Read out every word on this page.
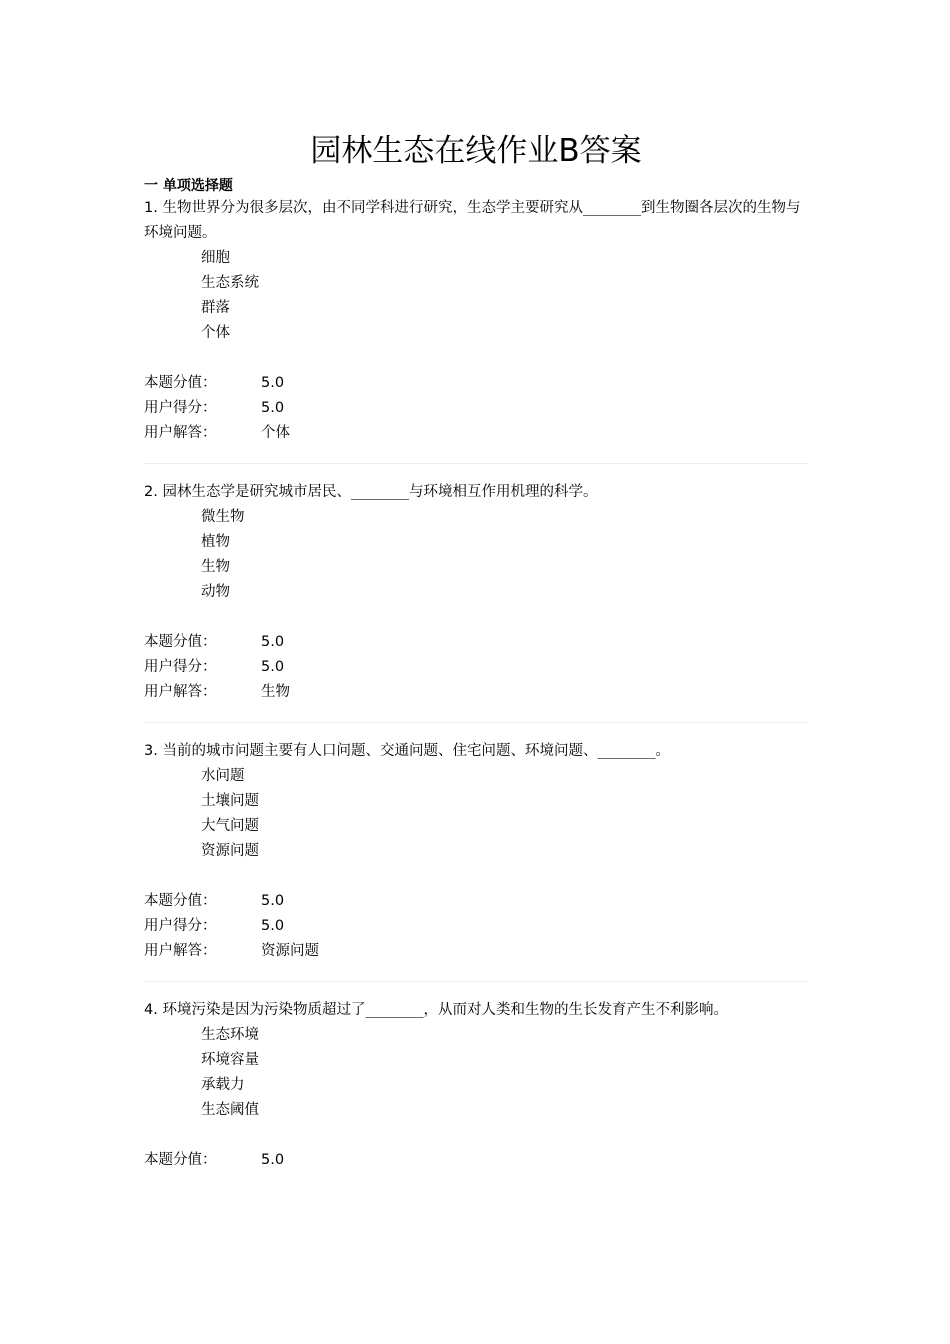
园林生态在线作业B答案
一 单项选择题
1. 生物世界分为很多层次，由不同学科进行研究，生态学主要研究从________到生物圈各层次的生物与环境问题。
细胞
生态系统
群落
个体
本题分值：	5.0
用户得分：	5.0
用户解答：	个体
2. 园林生态学是研究城市居民、________与环境相互作用机理的科学。
微生物
植物
生物
动物
本题分值：	5.0
用户得分：	5.0
用户解答：	生物
3. 当前的城市问题主要有人口问题、交通问题、住宅问题、环境问题、________。
水问题
土壤问题
大气问题
资源问题
本题分值：	5.0
用户得分：	5.0
用户解答：	资源问题
4. 环境污染是因为污染物质超过了________，从而对人类和生物的生长发育产生不利影响。
生态环境
环境容量
承载力
生态阈值
本题分值：	5.0
